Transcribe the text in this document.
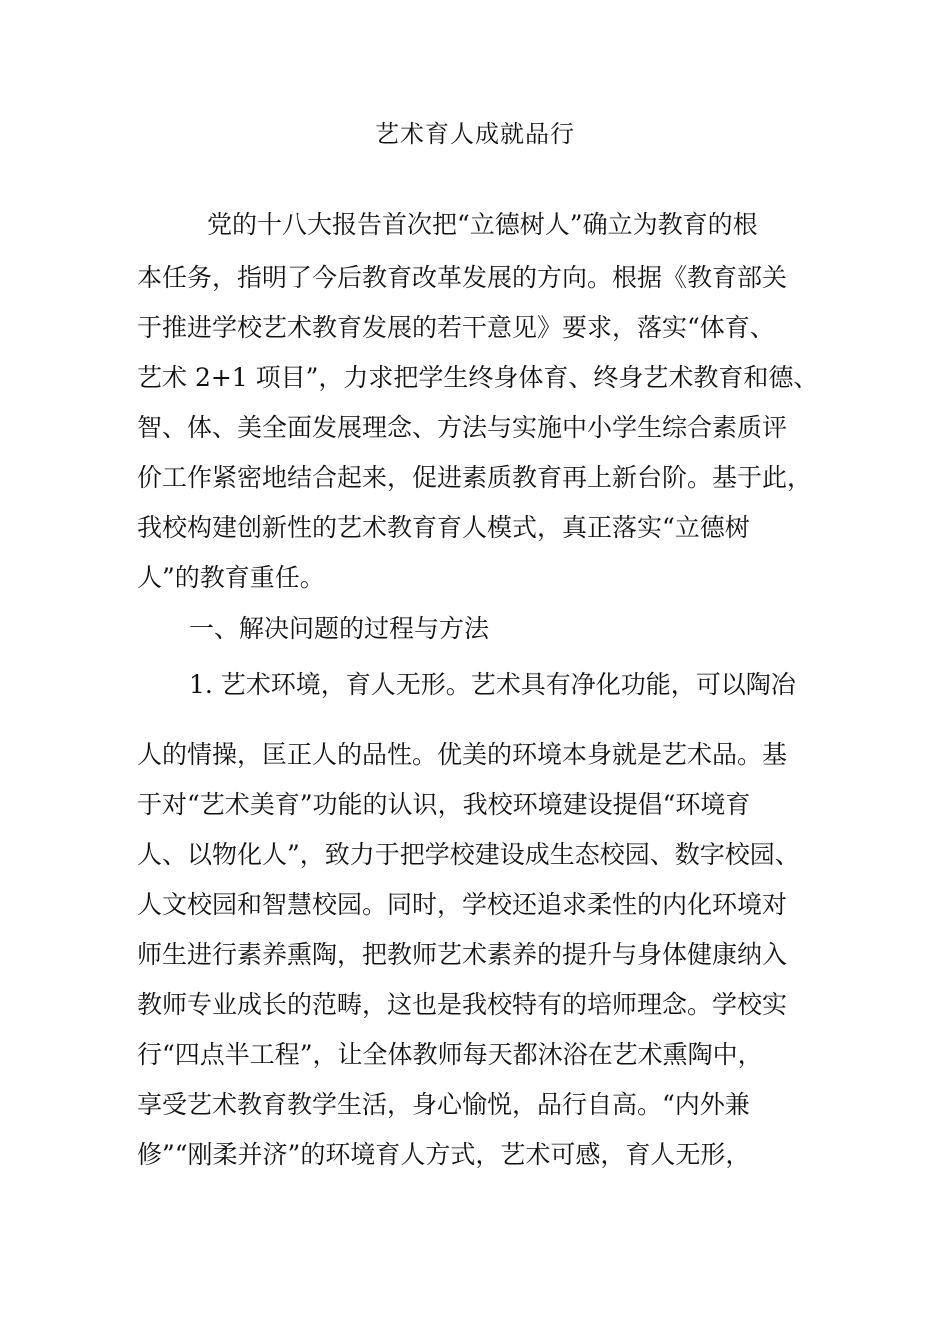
艺术育人成就品行
党的十八大报告首次把“立德树人”确立为教育的根
本任务，指明了今后教育改革发展的方向。根据《教育部关
于推进学校艺术教育发展的若干意见》要求，落实“体育、
艺术 2+1 项目”，力求把学生终身体育、终身艺术教育和德、
智、体、美全面发展理念、方法与实施中小学生综合素质评
价工作紧密地结合起来，促进素质教育再上新台阶。基于此，
我校构建创新性的艺术教育育人模式，真正落实“立德树
人”的教育重任。
一、解决问题的过程与方法
1. 艺术环境，育人无形。艺术具有净化功能，可以陶冶
人的情操，匡正人的品性。优美的环境本身就是艺术品。基
于对“艺术美育”功能的认识，我校环境建设提倡“环境育
人、以物化人”，致力于把学校建设成生态校园、数字校园、
人文校园和智慧校园。同时，学校还追求柔性的内化环境对
师生进行素养熏陶，把教师艺术素养的提升与身体健康纳入
教师专业成长的范畴，这也是我校特有的培师理念。学校实
行“四点半工程”，让全体教师每天都沐浴在艺术熏陶中，
享受艺术教育教学生活，身心愉悦，品行自高。“内外兼
修”“刚柔并济”的环境育人方式，艺术可感，育人无形，
